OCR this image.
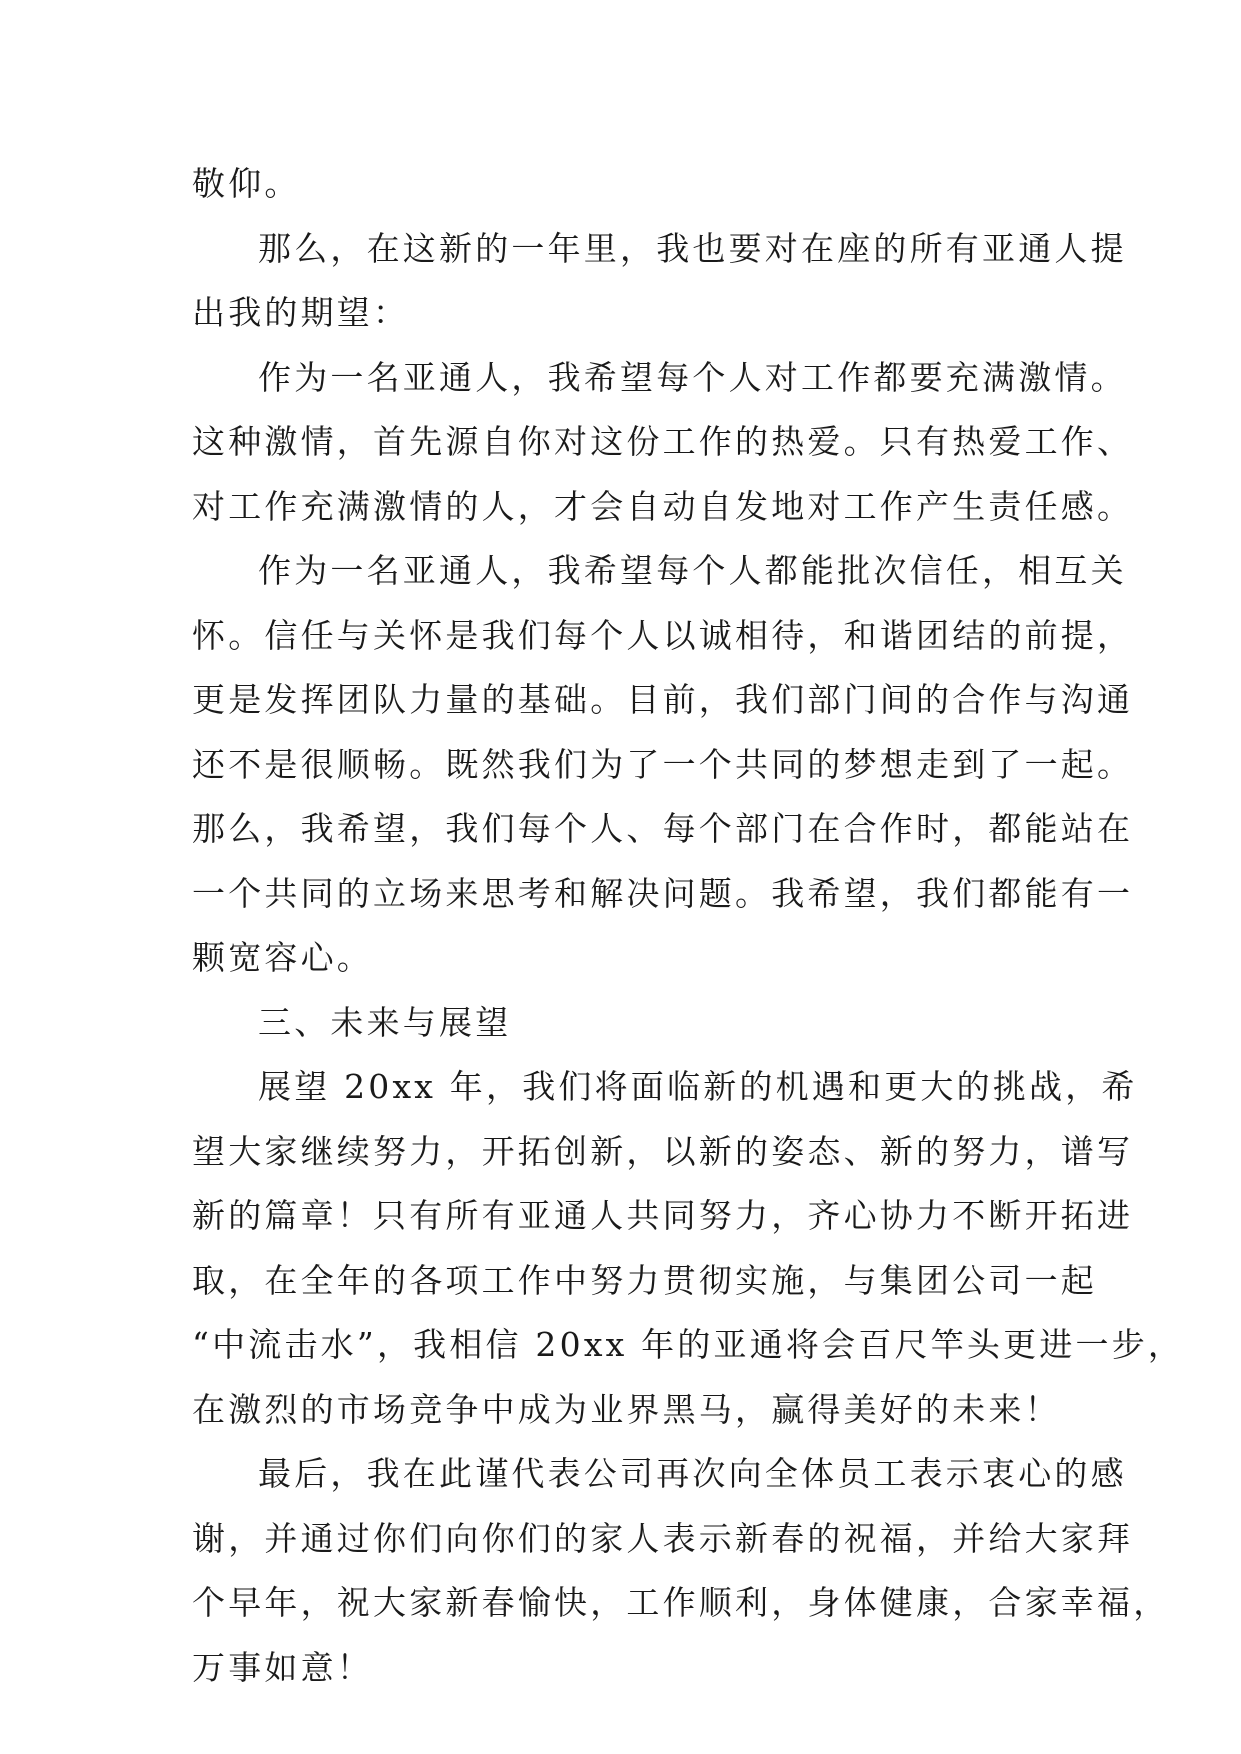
敬仰。
那么，在这新的一年里，我也要对在座的所有亚通人提
出我的期望：
作为一名亚通人，我希望每个人对工作都要充满激情。
这种激情，首先源自你对这份工作的热爱。只有热爱工作、
对工作充满激情的人，才会自动自发地对工作产生责任感。
作为一名亚通人，我希望每个人都能批次信任，相互关
怀。信任与关怀是我们每个人以诚相待，和谐团结的前提，
更是发挥团队力量的基础。目前，我们部门间的合作与沟通
还不是很顺畅。既然我们为了一个共同的梦想走到了一起。
那么，我希望，我们每个人、每个部门在合作时，都能站在
一个共同的立场来思考和解决问题。我希望，我们都能有一
颗宽容心。
三、未来与展望
展望 20xx 年，我们将面临新的机遇和更大的挑战，希
望大家继续努力，开拓创新，以新的姿态、新的努力，谱写
新的篇章！只有所有亚通人共同努力，齐心协力不断开拓进
取，在全年的各项工作中努力贯彻实施，与集团公司一起
“中流击水”，我相信 20xx 年的亚通将会百尺竿头更进一步，
在激烈的市场竞争中成为业界黑马，赢得美好的未来！
最后，我在此谨代表公司再次向全体员工表示衷心的感
谢，并通过你们向你们的家人表示新春的祝福，并给大家拜
个早年，祝大家新春愉快，工作顺利，身体健康，合家幸福，
万事如意！
